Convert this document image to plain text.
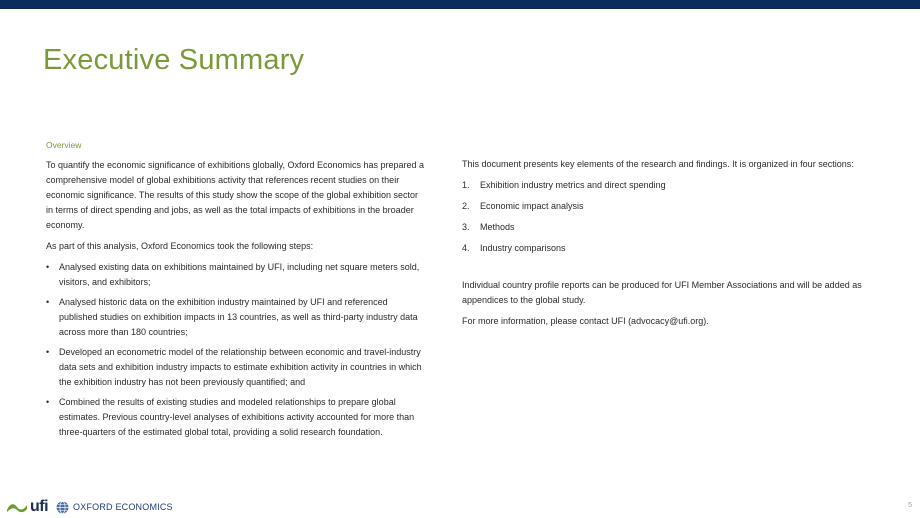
Executive Summary
Overview

To quantify the economic significance of exhibitions globally, Oxford Economics has prepared a comprehensive model of global exhibitions activity that references recent studies on their economic significance. The results of this study show the scope of the global exhibition sector in terms of direct spending and jobs, as well as the total impacts of exhibitions in the broader economy.

As part of this analysis, Oxford Economics took the following steps:

• Analysed existing data on exhibitions maintained by UFI, including net square meters sold, visitors, and exhibitors;
• Analysed historic data on the exhibition industry maintained by UFI and referenced published studies on exhibition impacts in 13 countries, as well as third-party industry data across more than 180 countries;
• Developed an econometric model of the relationship between economic and travel-industry data sets and exhibition industry impacts to estimate exhibition activity in countries in which the exhibition industry has not been previously quantified; and
• Combined the results of existing studies and modeled relationships to prepare global estimates. Previous country-level analyses of exhibitions activity accounted for more than three-quarters of the estimated global total, providing a solid research foundation.

This document presents key elements of the research and findings. It is organized in four sections:

1. Exhibition industry metrics and direct spending
2. Economic impact analysis
3. Methods
4. Industry comparisons

Individual country profile reports can be produced for UFI Member Associations and will be added as appendices to the global study.

For more information, please contact UFI (advocacy@ufi.org).

ufi	OXFORD ECONOMICS	5
